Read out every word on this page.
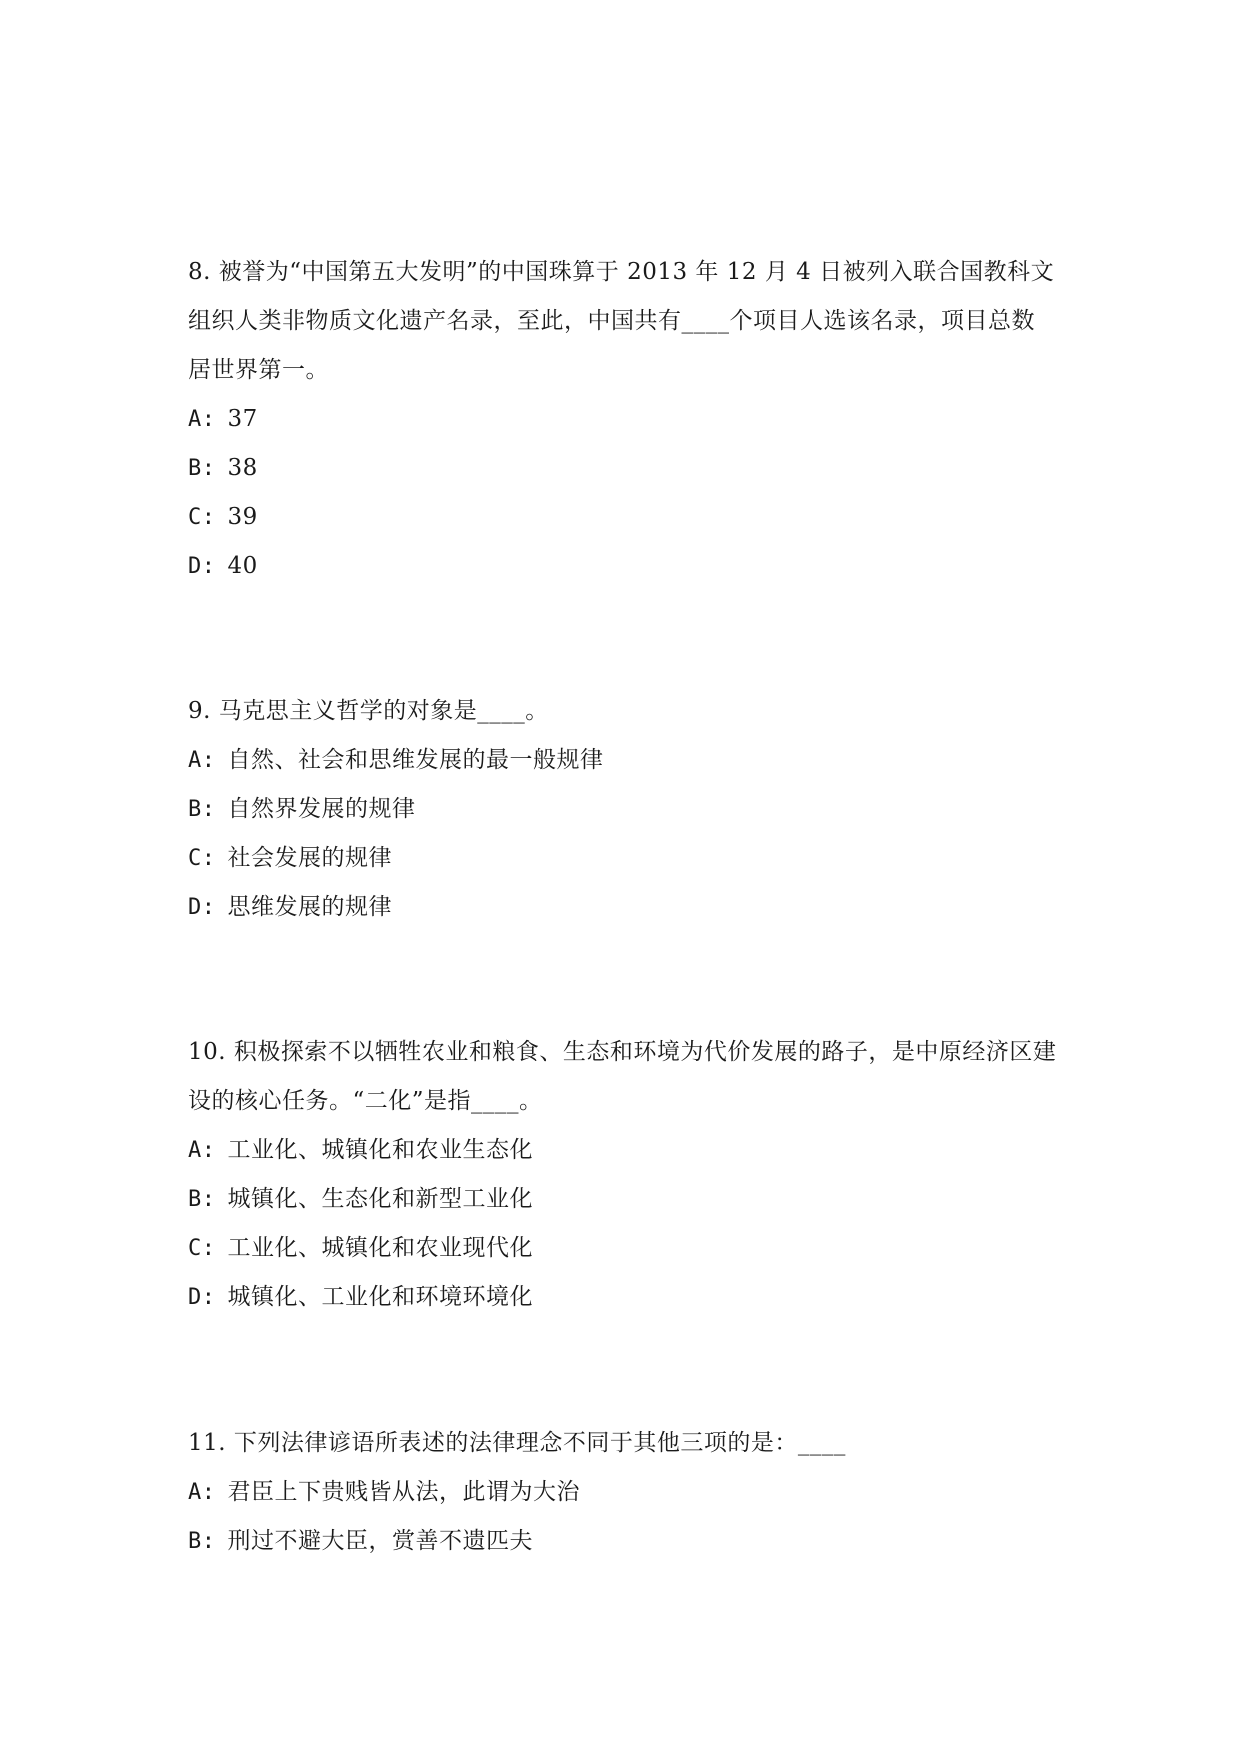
8. 被誉为“中国第五大发明”的中国珠算于 2013 年 12 月 4 日被列入联合国教科文组织人类非物质文化遗产名录，至此，中国共有____个项目人选该名录，项目总数居世界第一。

A: 37
B: 38
C: 39
D: 40

9. 马克思主义哲学的对象是____。

A: 自然、社会和思维发展的最一般规律
B: 自然界发展的规律
C: 社会发展的规律
D: 思维发展的规律

10. 积极探索不以牺牲农业和粮食、生态和环境为代价发展的路子，是中原经济区建设的核心任务。“二化”是指____。

A: 工业化、城镇化和农业生态化
B: 城镇化、生态化和新型工业化
C: 工业化、城镇化和农业现代化
D: 城镇化、工业化和环境环境化

11. 下列法律谚语所表述的法律理念不同于其他三项的是：____

A: 君臣上下贵贱皆从法，此谓为大治
B: 刑过不避大臣，赏善不遗匹夫
